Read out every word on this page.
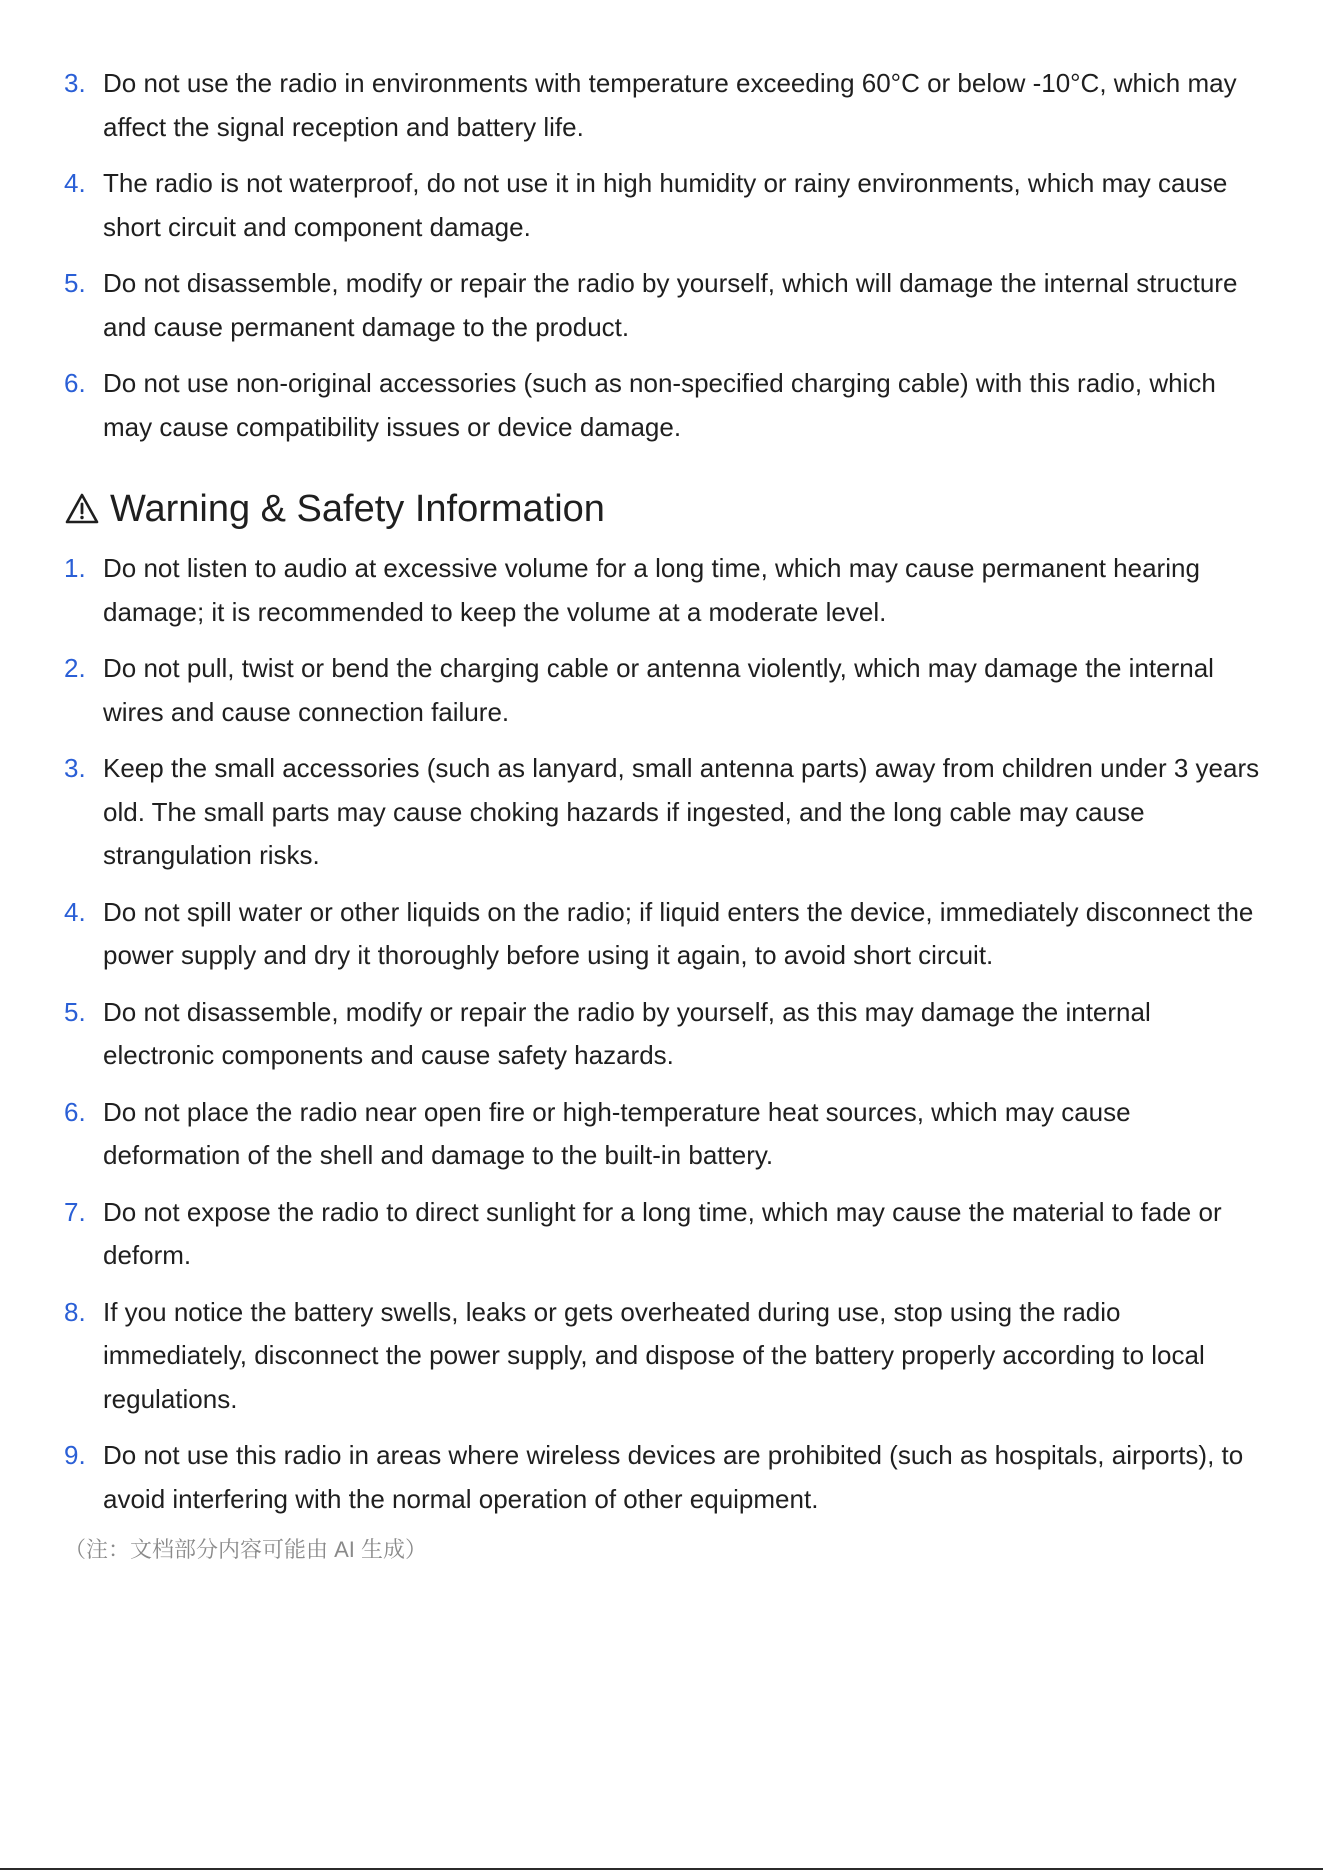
3. Do not use the radio in environments with temperature exceeding 60°C or below -10°C, which may affect the signal reception and battery life.
4. The radio is not waterproof, do not use it in high humidity or rainy environments, which may cause short circuit and component damage.
5. Do not disassemble, modify or repair the radio by yourself, which will damage the internal structure and cause permanent damage to the product.
6. Do not use non-original accessories (such as non-specified charging cable) with this radio, which may cause compatibility issues or device damage.
Warning & Safety Information
1. Do not listen to audio at excessive volume for a long time, which may cause permanent hearing damage; it is recommended to keep the volume at a moderate level.
2. Do not pull, twist or bend the charging cable or antenna violently, which may damage the internal wires and cause connection failure.
3. Keep the small accessories (such as lanyard, small antenna parts) away from children under 3 years old. The small parts may cause choking hazards if ingested, and the long cable may cause strangulation risks.
4. Do not spill water or other liquids on the radio; if liquid enters the device, immediately disconnect the power supply and dry it thoroughly before using it again, to avoid short circuit.
5. Do not disassemble, modify or repair the radio by yourself, as this may damage the internal electronic components and cause safety hazards.
6. Do not place the radio near open fire or high-temperature heat sources, which may cause deformation of the shell and damage to the built-in battery.
7. Do not expose the radio to direct sunlight for a long time, which may cause the material to fade or deform.
8. If you notice the battery swells, leaks or gets overheated during use, stop using the radio immediately, disconnect the power supply, and dispose of the battery properly according to local regulations.
9. Do not use this radio in areas where wireless devices are prohibited (such as hospitals, airports), to avoid interfering with the normal operation of other equipment.
（注：文档部分内容可能由 AI 生成）
